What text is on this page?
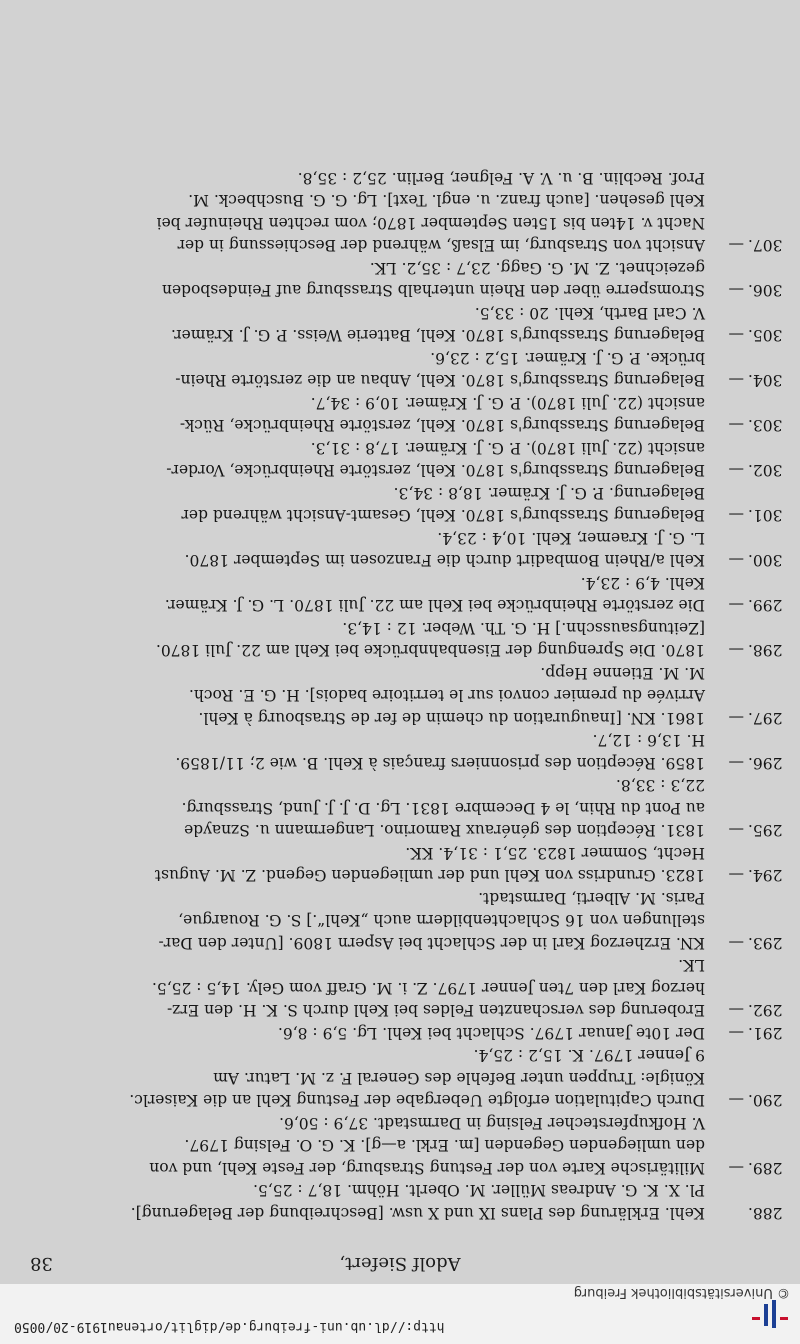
© Universitätsbibliothek Freiburg
http://dl.ub.uni-freiburg.de/diglit/ortenau1919-20/0050
Adolf Siefert,
38
288.
Kehl. Erklärung des Plans IX und X usw. [Beschreibung der Belagerung].
Pl. X. K. G. Andreas Müller. M. Oberlt. Höhm. 18,7 : 25,5.
289.
—
Militärische Karte von der Festung Strasburg, der Feste Kehl, und von
den umliegenden Gegenden [m. Erkl. a—g]. K. G. O. Felsing 1797.
V. Hofkupferstecher Felsing in Darmstadt. 37,9 : 50,6.
290.
—
Durch Capitulation erfolgte Uebergabe der Festung Kehl an die Kaiserlc.
Königle: Truppen unter Befehle des General F. z. M. Latur. Am
9 Jenner 1797. K. 15,2 : 25,4.
291.
—
Der 10te Januar 1797. Schlacht bei Kehl. Lg. 5,9 : 8,6.
292.
—
Eroberung des verschanzten Feldes bei Kehl durch S. K. H. den Erz-
herzog Karl den 7ten Jenner 1797. Z. i. M. Graff vom Gely. 14,5 : 25,5.
LK.
293.
—
KN. Erzherzog Karl in der Schlacht bei Aspern 1809. [Unter den Dar-
stellungen von 16 Schlachtenbildern auch „Kehl“.] S. G. Rouargue,
Paris. M. Alberti, Darmstadt.
294.
—
1823. Grundriss von Kehl und der umliegenden Gegend. Z. M. August
Hecht, Sommer 1823. 25,1 : 31,4. KK.
295.
—
1831. Réception des généraux Ramorino. Langermann u. Sznayde
au Pont du Rhin, le 4 Decembre 1831. Lg. D. J. J. Jund, Strassburg.
22,3 : 33,8.
296.
—
1859. Réception des prisonniers français à Kehl. B. wie 2; 11/1859.
H. 13,6 : 12,7.
297.
—
1861. KN. [Inauguration du chemin de fer de Strasbourg à Kehl.
Arrivée du premier convoi sur le territoire badois]. H. G. E. Roch.
M. M. Etienne Hepp.
298.
—
1870. Die Sprengung der Eisenbahnbrücke bei Kehl am 22. Juli 1870.
[Zeitungsausschn.] H. G. Th. Weber. 12 : 14,3.
299.
—
Die zerstörte Rheinbrücke bei Kehl am 22. Juli 1870. L. G. J. Krämer.
Kehl. 4,9 : 23,4.
300.
—
Kehl a/Rhein Bombadirt durch die Franzosen im September 1870.
L. G. J. Kraemer, Kehl. 10,4 : 23,4.
301.
—
Belagerung Strassburg's 1870. Kehl, Gesamt-Ansicht während der
Belagerung. P. G. J. Krämer. 18,8 : 34,3.
302.
—
Belagerung Strassburg's 1870. Kehl, zerstörte Rheinbrücke, Vorder-
ansicht (22. Juli 1870). P. G. J. Krämer. 17,8 : 31,3.
303.
—
Belagerung Strassburg's 1870. Kehl, zerstörte Rheinbrücke, Rück-
ansicht (22. Juli 1870). P. G. J. Krämer. 10,9 : 34,7.
304.
—
Belagerung Strassburg's 1870. Kehl, Anbau an die zerstörte Rhein-
brücke. P. G. J. Krämer. 15,2 : 23,6.
305.
—
Belagerung Strassburg's 1870. Kehl, Batterie Weiss. P. G. J. Krämer.
V. Carl Barth, Kehl. 20 : 33,5.
306.
—
Stromsperre über den Rhein unterhalb Strassburg auf Feindesboden
gezeichnet. Z. M. G. Gagg. 23,7 : 35,2. LK.
307.
—
Ansicht von Strasburg, im Elsaß, während der Beschiessung in der
Nacht v. 14ten bis 15ten September 1870; vom rechten Rheinufer bei
Kehl gesehen. [auch franz. u. engl. Text]. Lg. G. G. Buschbeck. M.
Prof. Recblin. B. u. V. A. Felgner, Berlin. 25,2 : 35,8.
